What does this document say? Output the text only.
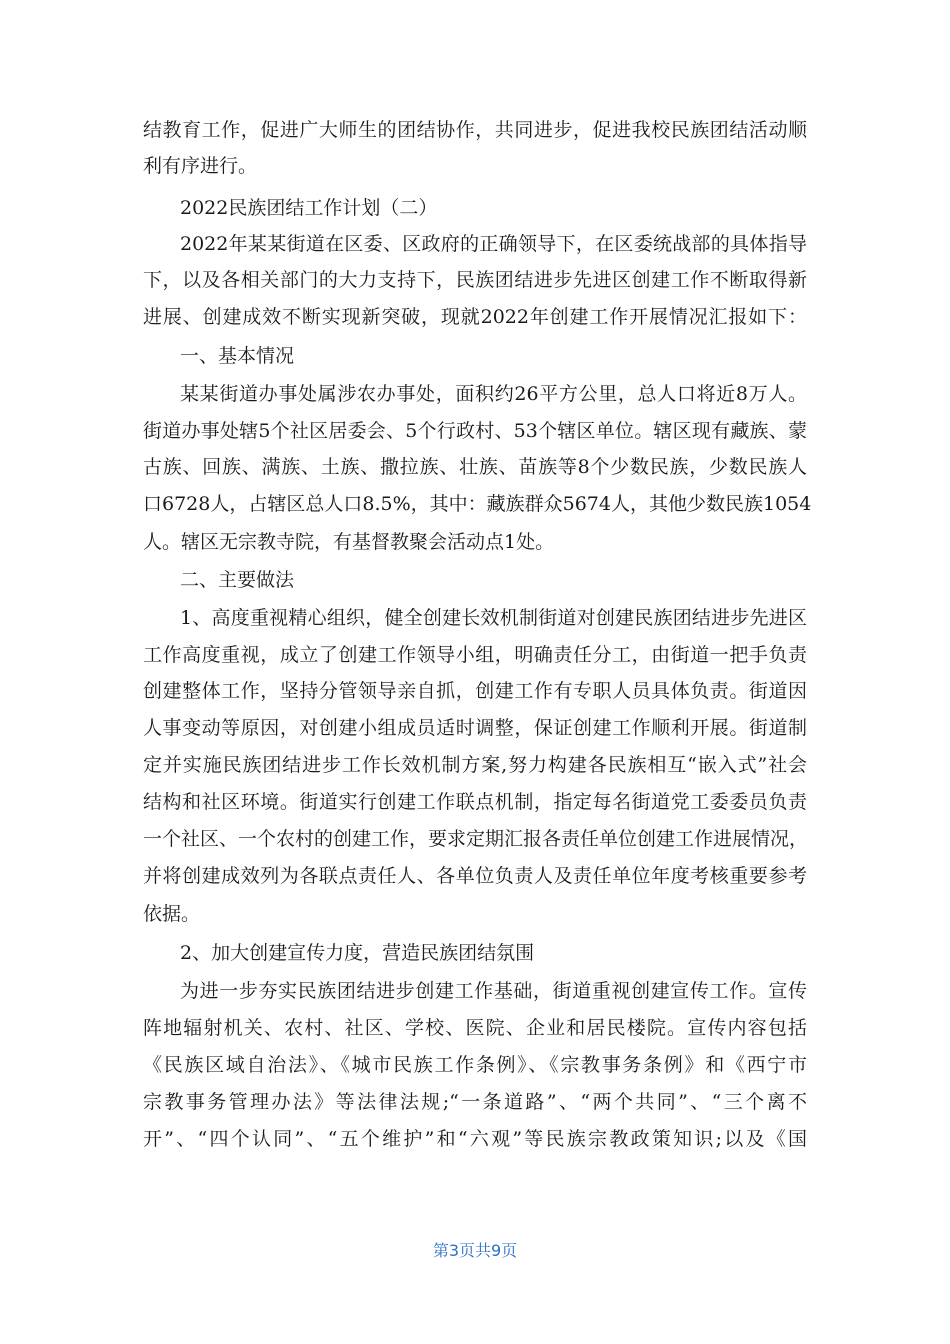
结教育工作，促进广大师生的团结协作，共同进步，促进我校民族团结活动顺
利有序进行。
2022民族团结工作计划（二）
2022年某某街道在区委、区政府的正确领导下，在区委统战部的具体指导
下，以及各相关部门的大力支持下，民族团结进步先进区创建工作不断取得新
进展、创建成效不断实现新突破，现就2022年创建工作开展情况汇报如下：
一、基本情况
某某街道办事处属涉农办事处，面积约26平方公里，总人口将近8万人。
街道办事处辖5个社区居委会、5个行政村、53个辖区单位。辖区现有藏族、蒙
古族、回族、满族、土族、撒拉族、壮族、苗族等8个少数民族，少数民族人
口6728人，占辖区总人口8.5%，其中：藏族群众5674人，其他少数民族1054
人。辖区无宗教寺院，有基督教聚会活动点1处。
二、主要做法
1、高度重视精心组织，健全创建长效机制街道对创建民族团结进步先进区
工作高度重视，成立了创建工作领导小组，明确责任分工，由街道一把手负责
创建整体工作，坚持分管领导亲自抓，创建工作有专职人员具体负责。街道因
人事变动等原因，对创建小组成员适时调整，保证创建工作顺利开展。街道制
定并实施民族团结进步工作长效机制方案,努力构建各民族相互“嵌入式”社会
结构和社区环境。街道实行创建工作联点机制，指定每名街道党工委委员负责
一个社区、一个农村的创建工作，要求定期汇报各责任单位创建工作进展情况，
并将创建成效列为各联点责任人、各单位负责人及责任单位年度考核重要参考
依据。
2、加大创建宣传力度，营造民族团结氛围
为进一步夯实民族团结进步创建工作基础，街道重视创建宣传工作。宣传
阵地辐射机关、农村、社区、学校、医院、企业和居民楼院。宣传内容包括
《民族区域自治法》、《城市民族工作条例》、《宗教事务条例》和《西宁市
宗教事务管理办法》等法律法规;“一条道路”、“两个共同”、“三个离不
开”、“四个认同”、“五个维护”和“六观”等民族宗教政策知识;以及《国
第3页共9页
